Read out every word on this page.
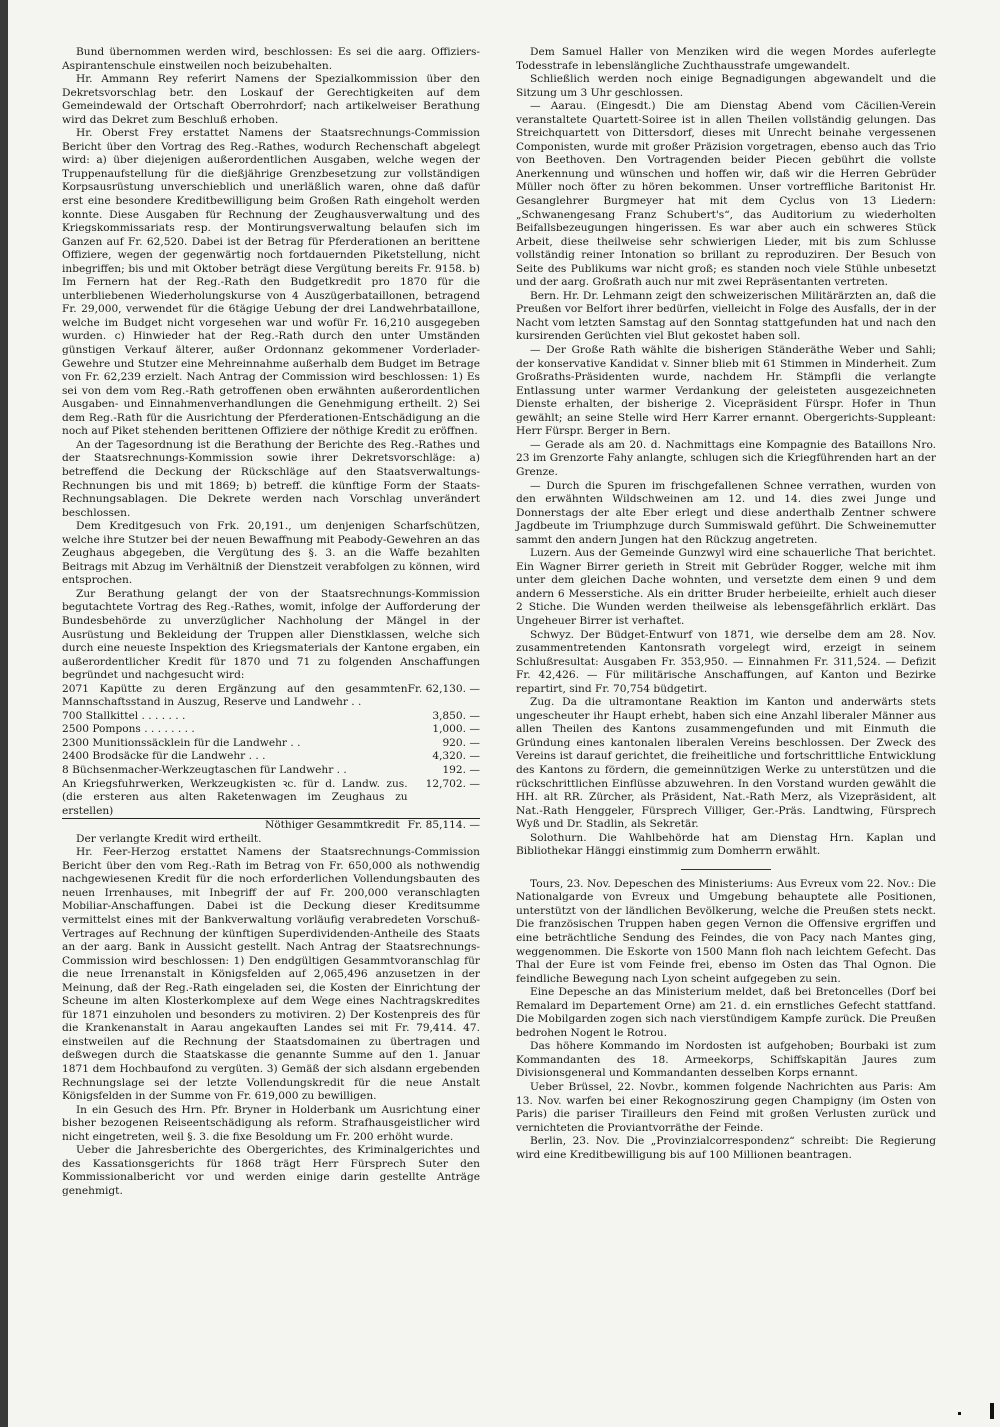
Bund übernommen werden wird, beschlossen: Es sei die aarg. Offiziers-Aspirantenschule einstweilen noch beizubehalten.

Hr. Ammann Rey referirt Namens der Spezialkommission über den Dekretsvorschlag betr. den Loskauf der Gerechtigkeiten auf dem Gemeindewald der Ortschaft Oberrohrdorf; nach artikelweiser Berathung wird das Dekret zum Beschluß erhoben.

Hr. Oberst Frey erstattet Namens der Staatsrechnungs-Commission Bericht über den Vortrag des Reg.-Rathes, wodurch Rechenschaft abgelegt wird: a) über diejenigen außerordentlichen Ausgaben, welche wegen der Truppenaufstellung für die dießjährige Grenzbesetzung zur vollständigen Korpsausrüstung unverschieblich und unerläßlich waren, ohne daß dafür erst eine besondere Kreditbewilligung beim Großen Rath eingeholt werden konnte. Diese Ausgaben für Rechnung der Zeughausverwaltung und des Kriegskommissariats resp. der Montirungsverwaltung belaufen sich im Ganzen auf Fr. 62,520. Dabei ist der Betrag für Pferderationen an berittene Offiziere, wegen der gegenwärtig noch fortdauernden Piketstellung, nicht inbegriffen; bis und mit Oktober beträgt diese Vergütung bereits Fr. 9158. b) Im Fernern hat der Reg.-Rath den Budgetkredit pro 1870 für die unterbliebenen Wiederholungskurse von 4 Auszügerbataillonen, betragend Fr. 29,000, verwendet für die 6tägige Uebung der drei Landwehrbataillone, welche im Budget nicht vorgesehen war und wofür Fr. 16,210 ausgegeben wurden. c) Hinwieder hat der Reg.-Rath durch den unter Umständen günstigen Verkauf älterer, außer Ordonnanz gekommener Vorderlader-Gewehre und Stutzer eine Mehreinnahme außerhalb dem Budget im Betrage von Fr. 62,239 erzielt. Nach Antrag der Commission wird beschlossen: 1) Es sei von dem vom Reg.-Rath getroffenen oben erwähnten außerordentlichen Ausgaben- und Einnahmenverhandlungen die Genehmigung ertheilt. 2) Sei dem Reg.-Rath für die Ausrichtung der Pferderationen-Entschädigung an die noch auf Piket stehenden berittenen Offiziere der nöthige Kredit zu eröffnen.

An der Tagesordnung ist die Berathung der Berichte des Reg.-Rathes und der Staatsrechnungs-Kommission sowie ihrer Dekretsvorschläge: a) betreffend die Deckung der Rückschläge auf den Staatsverwaltungs-Rechnungen bis und mit 1869; b) betreff. die künftige Form der Staats-Rechnungsablagen. Die Dekrete werden nach Vorschlag unverändert beschlossen.

Dem Kreditgesuch von Frk. 20,191., um denjenigen Scharfschützen, welche ihre Stutzer bei der neuen Bewaffnung mit Peabody-Gewehren an das Zeughaus abgegeben, die Vergütung des §. 3. an die Waffe bezahlten Beitrags mit Abzug im Verhältniß der Dienstzeit verabfolgen zu können, wird entsprochen.

Zur Berathung gelangt der von der Staatsrechnungs-Kommission begutachtete Vortrag des Reg.-Rathes, womit, infolge der Aufforderung der Bundesbehörde zu unverzüglicher Nachholung der Mängel in der Ausrüstung und Bekleidung der Truppen aller Dienstklassen, welche sich durch eine neueste Inspektion des Kriegsmaterials der Kantone ergaben, ein außerordentlicher Kredit für 1870 und 71 zu folgenden Anschaffungen begründet und nachgesucht wird:

2071 Kapütte zu deren Ergänzung auf den gesammten Mannschaftsstand in Auszug, Reserve und Landwehr . .	Fr. 62,130. —
700 Stallkittel . . . . . . .	3,850. —
2500 Pompons . . . . . . . .	1,000. —
2300 Munitionssäcklein für die Landwehr . .	920. —
2400 Brodsäcke für die Landwehr . . .	4,320. —
8 Büchsenmacher-Werkzeugtaschen für Landwehr . .	192. —
An Kriegsfuhrwerken, Werkzeugkisten ꝛc. für d. Landw. zus. (die ersteren aus alten Raketenwagen im Zeughaus zu erstellen)	12,702. —
Nöthiger Gesammtkredit	Fr. 85,114. —

Der verlangte Kredit wird ertheilt.

Hr. Feer-Herzog erstattet Namens der Staatsrechnungs-Commission Bericht über den vom Reg.-Rath im Betrag von Fr. 650,000 als nothwendig nachgewiesenen Kredit für die noch erforderlichen Vollendungsbauten des neuen Irrenhauses, mit Inbegriff der auf Fr. 200,000 veranschlagten Mobiliar-Anschaffungen. Dabei ist die Deckung dieser Kreditsumme vermittelst eines mit der Bankverwaltung vorläufig verabredeten Vorschuß-Vertrages auf Rechnung der künftigen Superdividenden-Antheile des Staats an der aarg. Bank in Aussicht gestellt. Nach Antrag der Staatsrechnungs-Commission wird beschlossen: 1) Den endgültigen Gesammtvoranschlag für die neue Irrenanstalt in Königsfelden auf 2,065,496 anzusetzen in der Meinung, daß der Reg.-Rath eingeladen sei, die Kosten der Einrichtung der Scheune im alten Klosterkomplexe auf dem Wege eines Nachtragskredites für 1871 einzuholen und besonders zu motiviren. 2) Der Kostenpreis des für die Krankenanstalt in Aarau angekauften Landes sei mit Fr. 79,414. 47. einstweilen auf die Rechnung der Staatsdomainen zu übertragen und deßwegen durch die Staatskasse die genannte Summe auf den 1. Januar 1871 dem Hochbaufond zu vergüten. 3) Gemäß der sich alsdann ergebenden Rechnungslage sei der letzte Vollendungskredit für die neue Anstalt Königsfelden in der Summe von Fr. 619,000 zu bewilligen.

In ein Gesuch des Hrn. Pfr. Bryner in Holderbank um Ausrichtung einer bisher bezogenen Reiseentschädigung als reform. Strafhausgeistlicher wird nicht eingetreten, weil §. 3. die fixe Besoldung um Fr. 200 erhöht wurde.

Ueber die Jahresberichte des Obergerichtes, des Kriminalgerichtes und des Kassationsgerichts für 1868 trägt Herr Fürsprech Suter den Kommissionalbericht vor und werden einige darin gestellte Anträge genehmigt.

Dem Samuel Haller von Menziken wird die wegen Mordes auferlegte Todesstrafe in lebenslängliche Zuchthausstrafe umgewandelt.

Schließlich werden noch einige Begnadigungen abgewandelt und die Sitzung um 3 Uhr geschlossen.

— Aarau. (Eingesdt.) Die am Dienstag Abend vom Cäcilien-Verein veranstaltete Quartett-Soiree ist in allen Theilen vollständig gelungen. Das Streichquartett von Dittersdorf, dieses mit Unrecht beinahe vergessenen Componisten, wurde mit großer Präzision vorgetragen, ebenso auch das Trio von Beethoven. Den Vortragenden beider Piecen gebührt die vollste Anerkennung und wünschen und hoffen wir, daß wir die Herren Gebrüder Müller noch öfter zu hören bekommen. Unser vortreffliche Baritonist Hr. Gesanglehrer Burgmeyer hat mit dem Cyclus von 13 Liedern: „Schwanengesang Franz Schubert's“, das Auditorium zu wiederholten Beifallsbezeugungen hingerissen. Es war aber auch ein schweres Stück Arbeit, diese theilweise sehr schwierigen Lieder, mit bis zum Schlusse vollständig reiner Intonation so brillant zu reproduziren. Der Besuch von Seite des Publikums war nicht groß; es standen noch viele Stühle unbesetzt und der aarg. Großrath auch nur mit zwei Repräsentanten vertreten.

Bern. Hr. Dr. Lehmann zeigt den schweizerischen Militärärzten an, daß die Preußen vor Belfort ihrer bedürfen, vielleicht in Folge des Ausfalls, der in der Nacht vom letzten Samstag auf den Sonntag stattgefunden hat und nach den kursirenden Gerüchten viel Blut gekostet haben soll.

— Der Große Rath wählte die bisherigen Ständeräthe Weber und Sahli; der konservative Kandidat v. Sinner blieb mit 61 Stimmen in Minderheit. Zum Großraths-Präsidenten wurde, nachdem Hr. Stämpfli die verlangte Entlassung unter warmer Verdankung der geleisteten ausgezeichneten Dienste erhalten, der bisherige 2. Vicepräsident Fürspr. Hofer in Thun gewählt; an seine Stelle wird Herr Karrer ernannt. Obergerichts-Suppleant: Herr Fürspr. Berger in Bern.

— Gerade als am 20. d. Nachmittags eine Kompagnie des Bataillons Nro. 23 im Grenzorte Fahy anlangte, schlugen sich die Kriegführenden hart an der Grenze.

— Durch die Spuren im frischgefallenen Schnee verrathen, wurden von den erwähnten Wildschweinen am 12. und 14. dies zwei Junge und Donnerstags der alte Eber erlegt und diese anderthalb Zentner schwere Jagdbeute im Triumphzuge durch Summiswald geführt. Die Schweinemutter sammt den andern Jungen hat den Rückzug angetreten.

Luzern. Aus der Gemeinde Gunzwyl wird eine schauerliche That berichtet. Ein Wagner Birrer gerieth in Streit mit Gebrüder Rogger, welche mit ihm unter dem gleichen Dache wohnten, und versetzte dem einen 9 und dem andern 6 Messerstiche. Als ein dritter Bruder herbeieilte, erhielt auch dieser 2 Stiche. Die Wunden werden theilweise als lebensgefährlich erklärt. Das Ungeheuer Birrer ist verhaftet.

Schwyz. Der Büdget-Entwurf von 1871, wie derselbe dem am 28. Nov. zusammentretenden Kantonsrath vorgelegt wird, erzeigt in seinem Schlußresultat: Ausgaben Fr. 353,950. — Einnahmen Fr. 311,524. — Defizit Fr. 42,426. — Für militärische Anschaffungen, auf Kanton und Bezirke repartirt, sind Fr. 70,754 büdgetirt.

Zug. Da die ultramontane Reaktion im Kanton und anderwärts stets ungescheuter ihr Haupt erhebt, haben sich eine Anzahl liberaler Männer aus allen Theilen des Kantons zusammengefunden und mit Einmuth die Gründung eines kantonalen liberalen Vereins beschlossen. Der Zweck des Vereins ist darauf gerichtet, die freiheitliche und fortschrittliche Entwicklung des Kantons zu fördern, die gemeinnützigen Werke zu unterstützen und die rückschrittlichen Einflüsse abzuwehren. In den Vorstand wurden gewählt die HH. alt RR. Zürcher, als Präsident, Nat.-Rath Merz, als Vizepräsident, alt Nat.-Rath Henggeler, Fürsprech Villiger, Ger.-Präs. Landtwing, Fürsprech Wyß und Dr. Stadlin, als Sekretär.

Solothurn. Die Wahlbehörde hat am Dienstag Hrn. Kaplan und Bibliothekar Hänggi einstimmig zum Domherrn erwählt.

Tours, 23. Nov. Depeschen des Ministeriums: Aus Evreux vom 22. Nov.: Die Nationalgarde von Evreux und Umgebung behauptete alle Positionen, unterstützt von der ländlichen Bevölkerung, welche die Preußen stets neckt. Die französischen Truppen haben gegen Vernon die Offensive ergriffen und eine beträchtliche Sendung des Feindes, die von Pacy nach Mantes ging, weggenommen. Die Eskorte von 1500 Mann floh nach leichtem Gefecht. Das Thal der Eure ist vom Feinde frei, ebenso im Osten das Thal Ognon. Die feindliche Bewegung nach Lyon scheint aufgegeben zu sein.

Eine Depesche an das Ministerium meldet, daß bei Bretoncelles (Dorf bei Remalard im Departement Orne) am 21. d. ein ernstliches Gefecht stattfand. Die Mobilgarden zogen sich nach vierstündigem Kampfe zurück. Die Preußen bedrohen Nogent le Rotrou.

Das höhere Kommando im Nordosten ist aufgehoben; Bourbaki ist zum Kommandanten des 18. Armeekorps, Schiffskapitän Jaures zum Divisionsgeneral und Kommandanten desselben Korps ernannt.

Ueber Brüssel, 22. Novbr., kommen folgende Nachrichten aus Paris: Am 13. Nov. warfen bei einer Rekognoszirung gegen Champigny (im Osten von Paris) die pariser Tirailleurs den Feind mit großen Verlusten zurück und vernichteten die Proviantvorräthe der Feinde.

Berlin, 23. Nov. Die „Provinzialcorrespondenz“ schreibt: Die Regierung wird eine Kreditbewilligung bis auf 100 Millionen beantragen.
